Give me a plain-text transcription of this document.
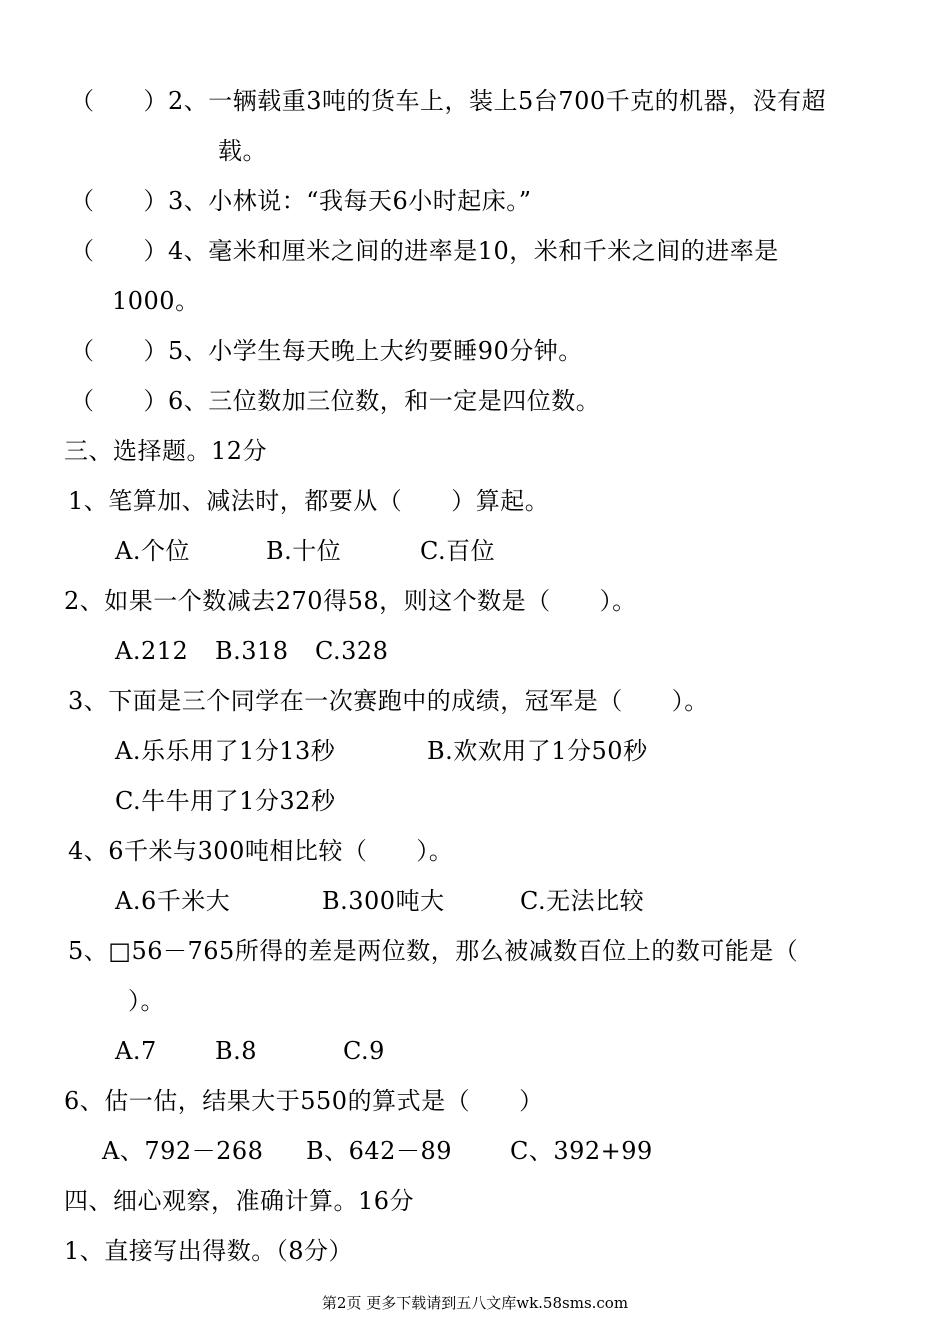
（　　）2、一辆载重3吨的货车上，装上5台700千克的机器，没有超
载。
（　　）3、小林说：“我每天6小时起床。”
（　　）4、毫米和厘米之间的进率是10，米和千米之间的进率是
1000。
（　　）5、小学生每天晚上大约要睡90分钟。
（　　）6、三位数加三位数，和一定是四位数。
三、选择题。12分
1、笔算加、减法时，都要从（　　）算起。
A.个位	B.十位	C.百位
2、如果一个数减去270得58，则这个数是（　　）。
A.212 B.318 C.328
3、下面是三个同学在一次赛跑中的成绩，冠军是（　　）。
A.乐乐用了1分13秒	B.欢欢用了1分50秒
C.牛牛用了1分32秒
4、6千米与300吨相比较（　　）。
A.6千米大	B.300吨大	C.无法比较
5、□56－765所得的差是两位数，那么被减数百位上的数可能是（
）。
A.7 B.8	C.9
6、估一估，结果大于550的算式是（　　）
A、792－268 B、642－89 C、392+99
四、细心观察，准确计算。16分
1、直接写出得数。（8分）
第2页 更多下载请到五八文库wk.58sms.com
